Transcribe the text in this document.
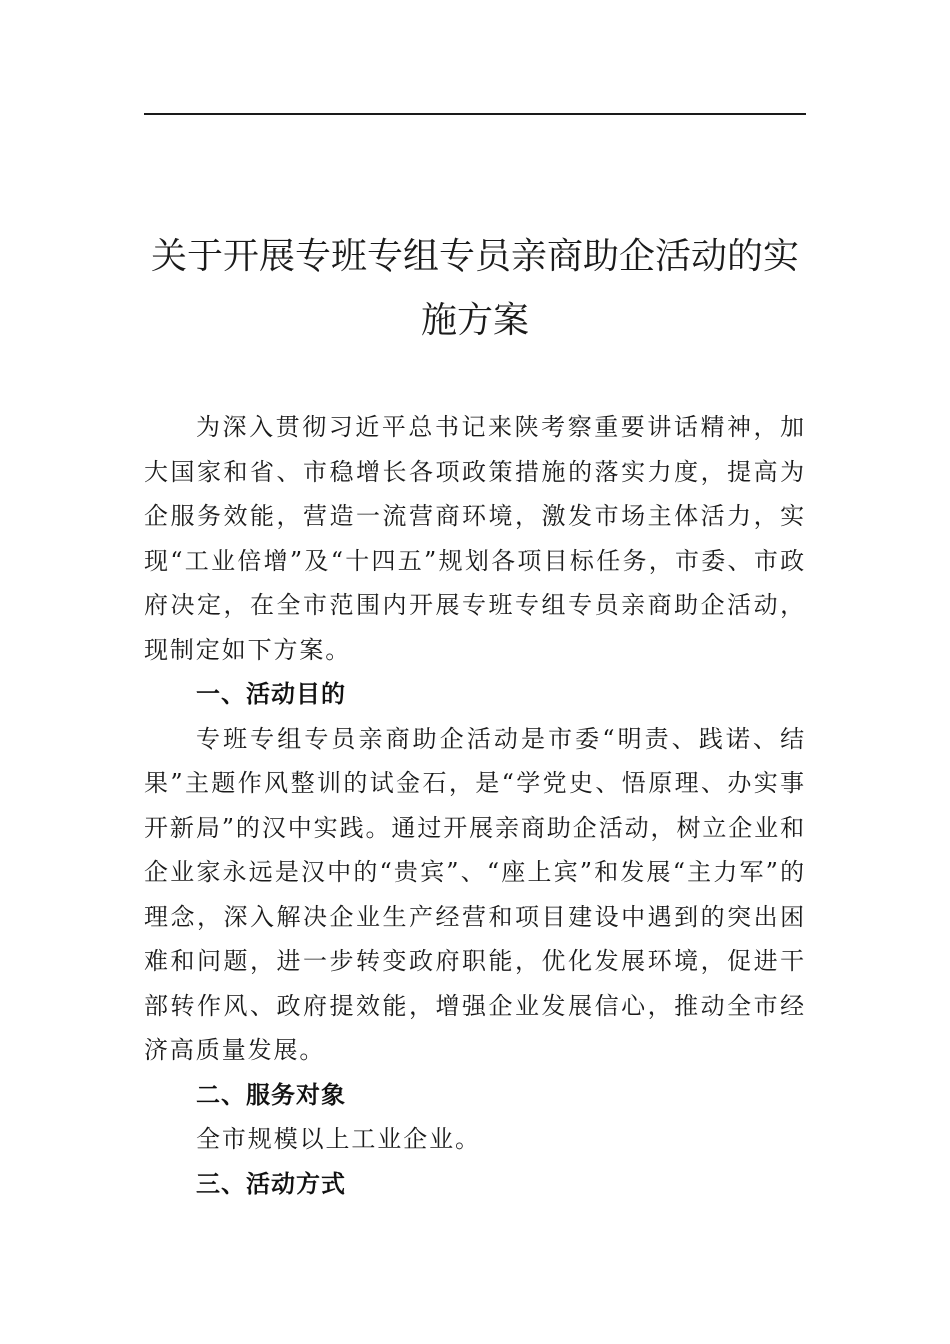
关于开展专班专组专员亲商助企活动的实
施方案

为深入贯彻习近平总书记来陕考察重要讲话精神，加大国家和省、市稳增长各项政策措施的落实力度，提高为企服务效能，营造一流营商环境，激发市场主体活力，实现“工业倍增”及“十四五”规划各项目标任务，市委、市政府决定，在全市范围内开展专班专组专员亲商助企活动，现制定如下方案。

一、活动目的

专班专组专员亲商助企活动是市委“明责、践诺、结果”主题作风整训的试金石，是“学党史、悟原理、办实事开新局”的汉中实践。通过开展亲商助企活动，树立企业和企业家永远是汉中的“贵宾”、“座上宾”和发展“主力军”的理念，深入解决企业生产经营和项目建设中遇到的突出困难和问题，进一步转变政府职能，优化发展环境，促进干部转作风、政府提效能，增强企业发展信心，推动全市经济高质量发展。

二、服务对象

全市规模以上工业企业。

三、活动方式
